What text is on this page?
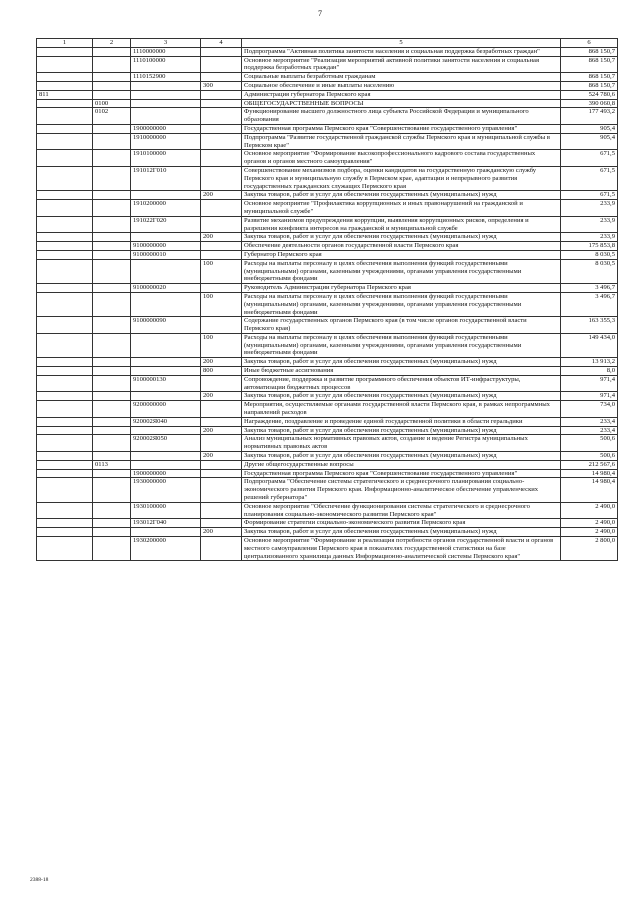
7
1	2	3	4	5	6
		1110000000		Подпрограмма "Активная политика занятости населения и социальная поддержка безработных граждан"	868 150,7
		1110100000		Основное мероприятие "Реализация мероприятий активной политики занятости населения и социальная поддержка безработных граждан"	868 150,7
		1110152900		Социальные выплаты безработным гражданам	868 150,7
			300	Социальное обеспечение и иные выплаты населению	868 150,7
811				Администрация губернатора Пермского края	524 780,6
	0100			ОБЩЕГОСУДАРСТВЕННЫЕ ВОПРОСЫ	390 060,8
	0102			Функционирование высшего должностного лица субъекта Российской Федерации и муниципального образования	177 493,2
		1900000000		Государственная программа Пермского края "Совершенствование государственного управления"	905,4
		1910000000		Подпрограмма "Развитие государственной гражданской службы Пермского края и муниципальной службы в Пермском крае"	905,4
		1910100000		Основное мероприятие "Формирование высокопрофессионального кадрового состава государственных органов и органов местного самоуправления"	671,5
		191012Г010		Совершенствование механизмов подбора, оценки кандидатов на государственную гражданскую службу Пермского края и муниципальную службу в Пермском крае, адаптации и непрерывного развития государственных гражданских служащих Пермского края	671,5
			200	Закупка товаров, работ и услуг для обеспечения государственных (муниципальных) нужд	671,5
		1910200000		Основное мероприятие "Профилактика коррупционных и иных правонарушений на гражданской и муниципальной службе"	233,9
		191022Г020		Развитие механизмов предупреждения коррупции, выявления коррупционных рисков, определения и разрешения конфликта интересов на гражданской и муниципальной службе	233,9
			200	Закупка товаров, работ и услуг для обеспечения государственных (муниципальных) нужд	233,9
		9100000000		Обеспечение деятельности органов государственной власти Пермского края	175 853,8
		9100000010		Губернатор Пермского края	8 030,5
			100	Расходы на выплаты персоналу в целях обеспечения выполнения функций государственными (муниципальными) органами, казенными учреждениями, органами управления государственными внебюджетными фондами	8 030,5
		9100000020		Руководитель Администрации губернатора Пермского края	3 496,7
			100	Расходы на выплаты персоналу в целях обеспечения выполнения функций государственными (муниципальными) органами, казенными учреждениями, органами управления государственными внебюджетными фондами	3 496,7
		9100000090		Содержание государственных органов Пермского края (в том числе органов государственной власти Пермского края)	163 355,3
			100	Расходы на выплаты персоналу в целях обеспечения выполнения функций государственными (муниципальными) органами, казенными учреждениями, органами управления государственными внебюджетными фондами	149 434,0
			200	Закупка товаров, работ и услуг для обеспечения государственных (муниципальных) нужд	13 913,2
			800	Иные бюджетные ассигнования	8,0
		9100000130		Сопровождение, поддержка и развитие программного обеспечения объектов ИТ-инфраструктуры, автоматизации бюджетных процессов	971,4
			200	Закупка товаров, работ и услуг для обеспечения государственных (муниципальных) нужд	971,4
		9200000000		Мероприятия, осуществляемые органами государственной власти Пермского края, в рамках непрограммных направлений расходов	734,0
		920002Я040		Награждение, поздравление и проведение единой государственной политики в области геральдики	233,4
			200	Закупка товаров, работ и услуг для обеспечения государственных (муниципальных) нужд	233,4
		920002Я050		Анализ муниципальных нормативных правовых актов, создание и ведение Регистра муниципальных нормативных правовых актов	500,6
			200	Закупка товаров, работ и услуг для обеспечения государственных (муниципальных) нужд	500,6
	0113			Другие общегосударственные вопросы	212 567,6
		1900000000		Государственная программа Пермского края "Совершенствование государственного управления"	14 980,4
		1930000000		Подпрограмма "Обеспечение системы стратегического и среднесрочного планирования социально-экономического развития Пермского края. Информационно-аналитическое обеспечение управленческих решений губернатора"	14 980,4
		1930100000		Основное мероприятие "Обеспечение функционирования системы стратегического и среднесрочного планирования социально-экономического развития Пермского края"	2 490,0
		193012Г040		Формирование стратегии социально-экономического развития Пермского края	2 490,0
			200	Закупка товаров, работ и услуг для обеспечения государственных (муниципальных) нужд	2 490,0
		1930200000		Основное мероприятие "Формирование и реализация потребности органов государственной власти и органов местного самоуправления Пермского края в показателях государственной статистики на базе централизованного хранилища данных Информационно-аналитической системы Пермского края"	2 800,0
2388-18
